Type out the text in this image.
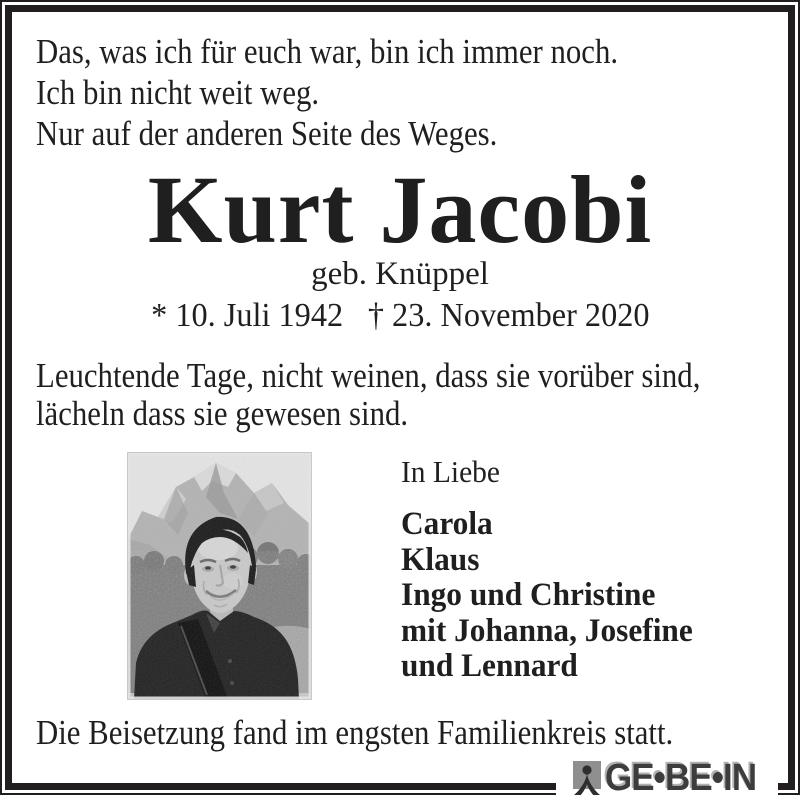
Das, was ich für euch war, bin ich immer noch.
Ich bin nicht weit weg.
Nur auf der anderen Seite des Weges.
Kurt Jacobi
geb. Knüppel
* 10. Juli 1942 † 23. November 2020
Leuchtende Tage, nicht weinen, dass sie vorüber sind,
lächeln dass sie gewesen sind.
In Liebe
Carola
Klaus
Ingo und Christine
mit Johanna, Josefine
und Lennard
Die Beisetzung fand im engsten Familienkreis statt.
GE•BE•IN
